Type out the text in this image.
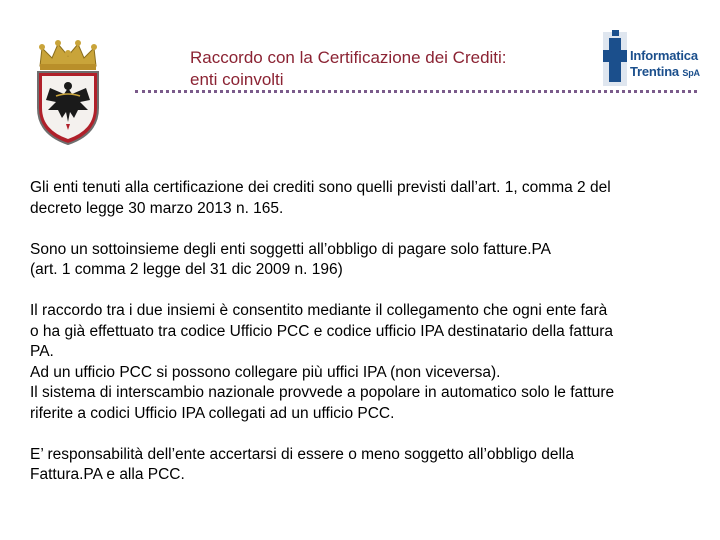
Raccordo con la Certificazione dei Crediti:
enti coinvolti
Informatica
Trentina SpA
Gli enti tenuti alla certificazione dei crediti sono quelli previsti dall’art. 1, comma 2 del
decreto legge 30 marzo 2013 n. 165.
Sono un sottoinsieme degli enti soggetti all’obbligo di pagare solo fatture.PA
(art. 1 comma 2 legge del 31 dic 2009 n. 196)
Il raccordo tra i due insiemi è consentito mediante il collegamento che ogni ente farà
o ha già effettuato tra codice Ufficio PCC e codice ufficio IPA destinatario della fattura
PA.
Ad un ufficio PCC si possono collegare più uffici IPA (non viceversa).
Il sistema di interscambio nazionale provvede a popolare in automatico solo le fatture
riferite a codici Ufficio IPA collegati ad un ufficio PCC.
E’ responsabilità dell’ente accertarsi di essere o meno soggetto all’obbligo della
Fattura.PA e alla PCC.
